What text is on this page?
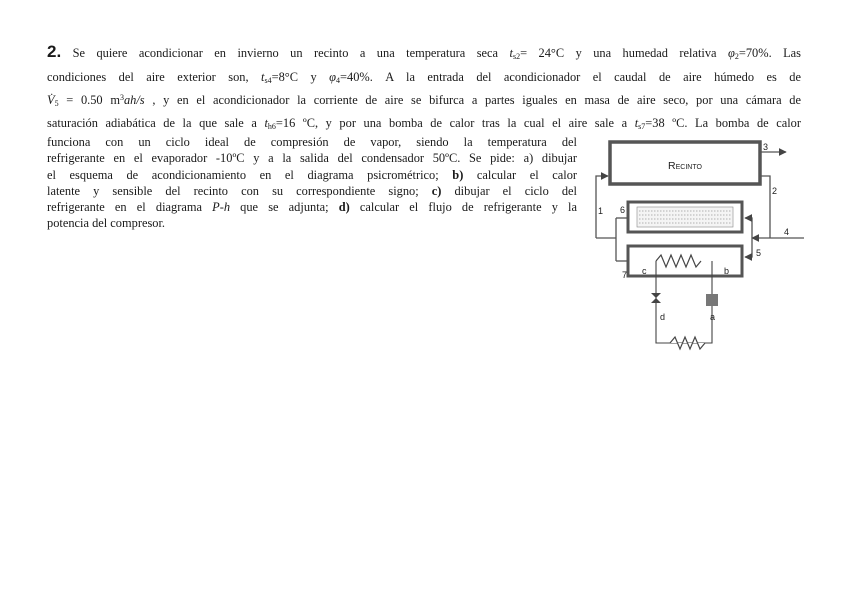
2. Se quiere acondicionar en invierno un recinto a una temperatura seca $t_{s2}= 24^\circ C$ y una humedad relativa $\varphi_2=70\%$. Las
condiciones del aire exterior son, $t_{s4}=8^\circ C$ y $\varphi_4=40\%$. A la entrada del acondicionador el caudal de aire húmedo es de
$V̇_5 = 0.50$ $m^3ah/s$ , y en el acondicionador la corriente de aire se bifurca a partes iguales en masa de aire seco, por una cámara de
saturación adiabática de la que sale a $t_{h6}=16$ ºC, y por una bomba de calor tras la cual el aire sale a $t_{s7}=38$ ºC. La bomba de calor
funciona con un ciclo ideal de compresión de vapor, siendo la temperatura del
refrigerante en el evaporador -10ºC y a la salida del condensador 50ºC. Se pide: a) dibujar
el esquema de acondicionamiento en el diagrama psicrométrico; b) calcular el calor
latente y sensible del recinto con su correspondiente signo; c) dibujar el ciclo del
refrigerante en el diagrama P-h que se adjunta; d) calcular el flujo de refrigerante y la
potencia del compresor.
Recinto
3
2
4
5
6
1
7 c	b
d	a
